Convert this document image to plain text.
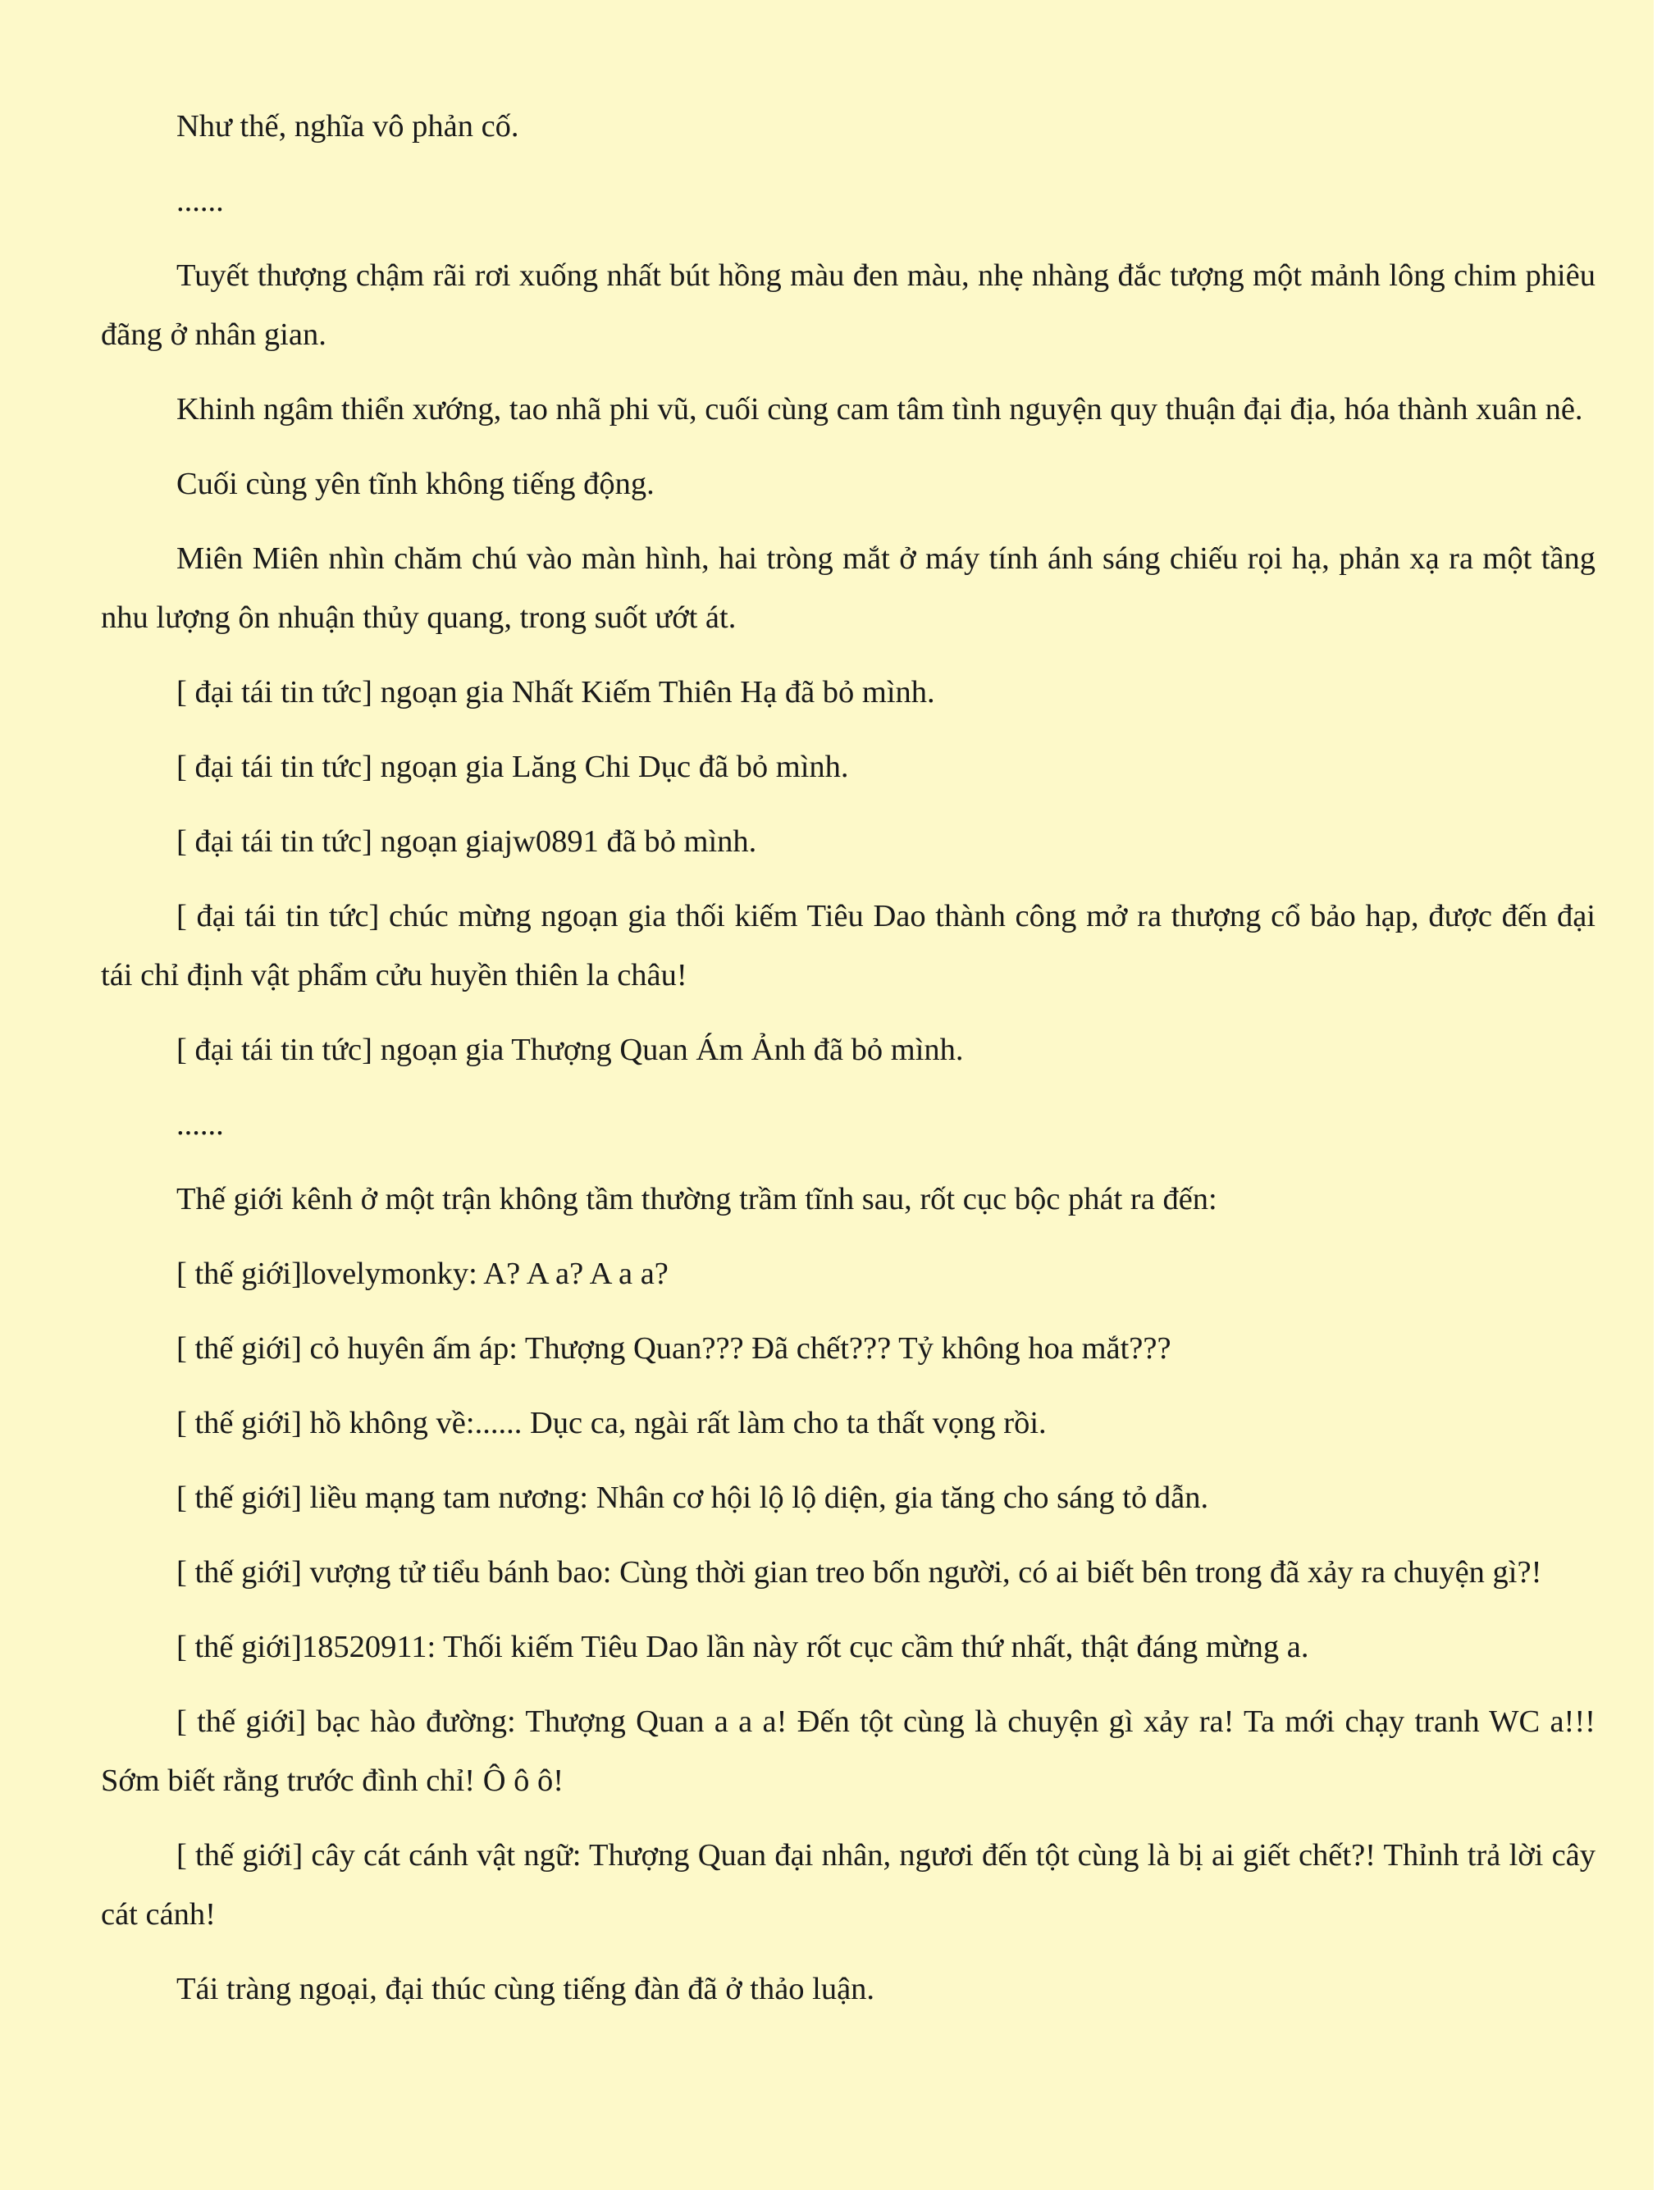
Như thế, nghĩa vô phản cố.

......

Tuyết thượng chậm rãi rơi xuống nhất bút hồng màu đen màu, nhẹ nhàng đắc tượng một mảnh lông chim phiêu đãng ở nhân gian.

Khinh ngâm thiển xướng, tao nhã phi vũ, cuối cùng cam tâm tình nguyện quy thuận đại địa, hóa thành xuân nê.

Cuối cùng yên tĩnh không tiếng động.

Miên Miên nhìn chăm chú vào màn hình, hai tròng mắt ở máy tính ánh sáng chiếu rọi hạ, phản xạ ra một tầng nhu lượng ôn nhuận thủy quang, trong suốt ướt át.

[ đại tái tin tức] ngoạn gia Nhất Kiếm Thiên Hạ đã bỏ mình.

[ đại tái tin tức] ngoạn gia Lăng Chi Dục đã bỏ mình.

[ đại tái tin tức] ngoạn giajw0891 đã bỏ mình.

[ đại tái tin tức] chúc mừng ngoạn gia thối kiếm Tiêu Dao thành công mở ra thượng cổ bảo hạp, được đến đại tái chỉ định vật phẩm cửu huyền thiên la châu!

[ đại tái tin tức] ngoạn gia Thượng Quan Ám Ảnh đã bỏ mình.

......

Thế giới kênh ở một trận không tầm thường trầm tĩnh sau, rốt cục bộc phát ra đến:

[ thế giới]lovelymonky: A? A a? A a a?

[ thế giới] cỏ huyên ấm áp: Thượng Quan??? Đã chết??? Tỷ không hoa mắt???

[ thế giới] hồ không về:...... Dục ca, ngài rất làm cho ta thất vọng rồi.

[ thế giới] liều mạng tam nương: Nhân cơ hội lộ lộ diện, gia tăng cho sáng tỏ dẫn.

[ thế giới] vượng tử tiểu bánh bao: Cùng thời gian treo bốn người, có ai biết bên trong đã xảy ra chuyện gì?!

[ thế giới]18520911: Thối kiếm Tiêu Dao lần này rốt cục cầm thứ nhất, thật đáng mừng a.

[ thế giới] bạc hào đường: Thượng Quan a a a! Đến tột cùng là chuyện gì xảy ra! Ta mới chạy tranh WC a!!! Sớm biết rằng trước đình chỉ! Ô ô ô!

[ thế giới] cây cát cánh vật ngữ: Thượng Quan đại nhân, ngươi đến tột cùng là bị ai giết chết?! Thỉnh trả lời cây cát cánh!

Tái tràng ngoại, đại thúc cùng tiếng đàn đã ở thảo luận.
